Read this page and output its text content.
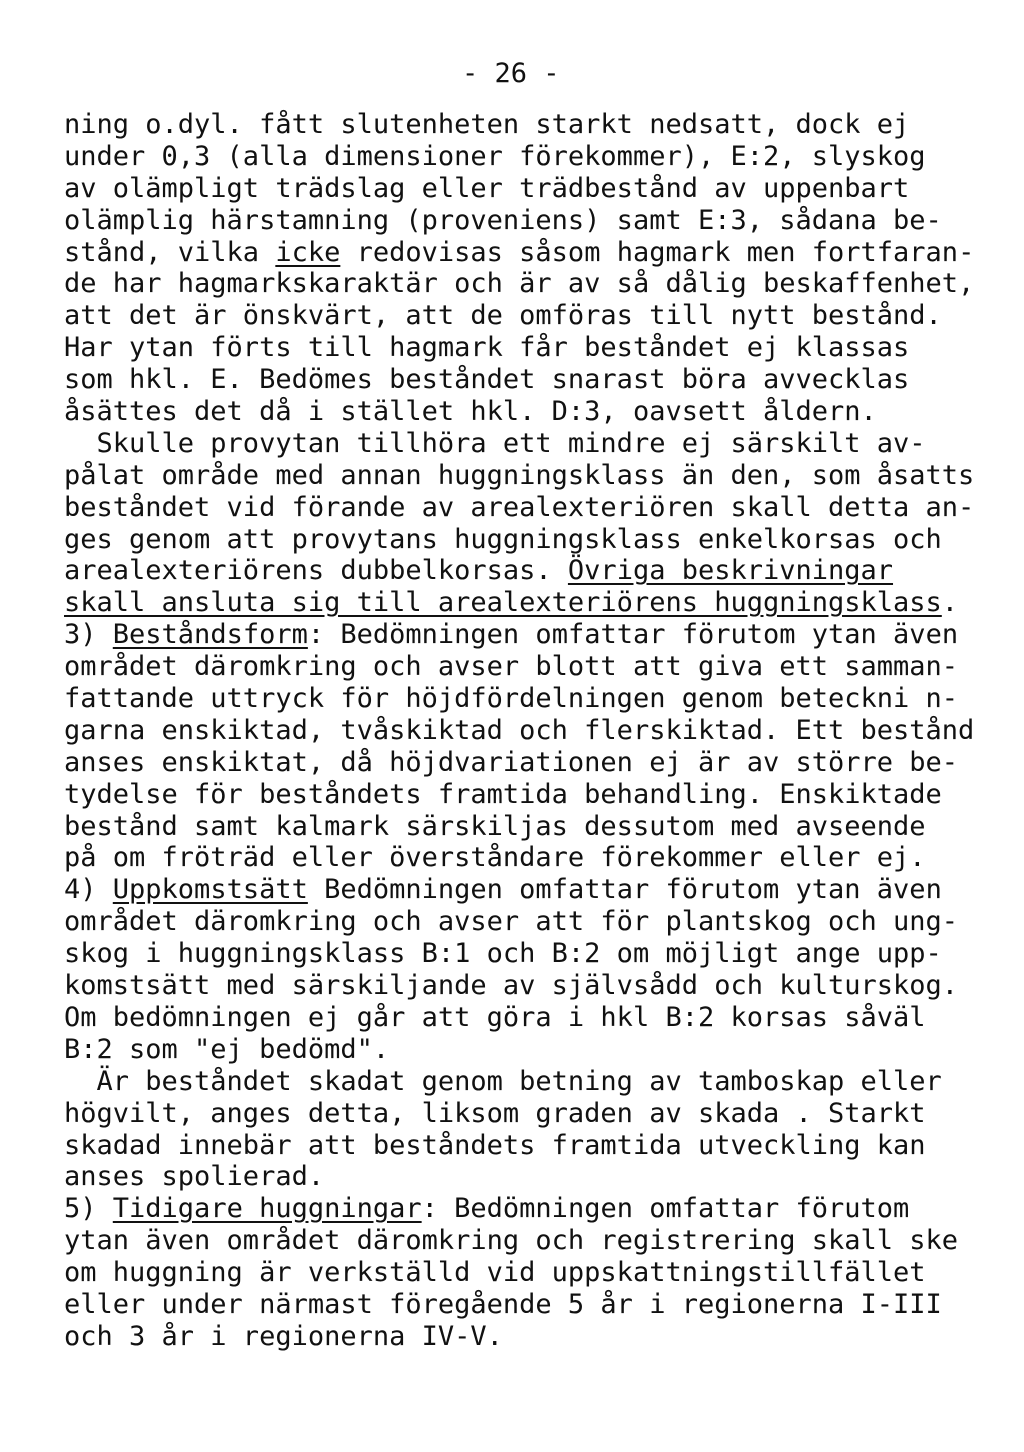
- 26 -
ning o.dyl. fått slutenheten starkt nedsatt, dock ej
under 0,3 (alla dimensioner förekommer), E:2, slyskog
av olämpligt trädslag eller trädbestånd av uppenbart
olämplig härstamning (proveniens) samt E:3, sådana be-
stånd, vilka icke redovisas såsom hagmark men fortfaran-
de har hagmarkskaraktär och är av så dålig beskaffenhet,
att det är önskvärt, att de omföras till nytt bestånd.
Har ytan förts till hagmark får beståndet ej klassas
som hkl. E. Bedömes beståndet snarast böra avvecklas
åsättes det då i stället hkl. D:3, oavsett åldern.
Skulle provytan tillhöra ett mindre ej särskilt av-
pålat område med annan huggningsklass än den, som åsatts
beståndet vid förande av arealexteriören skall detta an-
ges genom att provytans huggningsklass enkelkorsas och
arealexteriörens dubbelkorsas. Övriga beskrivningar
skall ansluta sig till arealexteriörens huggningsklass.
3) Beståndsform: Bedömningen omfattar förutom ytan även
området däromkring och avser blott att giva ett samman-
fattande uttryck för höjdfördelningen genom beteckni n-
garna enskiktad, tvåskiktad och flerskiktad. Ett bestånd
anses enskiktat, då höjdvariationen ej är av större be-
tydelse för beståndets framtida behandling. Enskiktade
bestånd samt kalmark särskiljas dessutom med avseende
på om fröträd eller överståndare förekommer eller ej.
4) Uppkomstsätt Bedömningen omfattar förutom ytan även
området däromkring och avser att för plantskog och ung-
skog i huggningsklass B:1 och B:2 om möjligt ange upp-
komstsätt med särskiljande av självsådd och kulturskog.
Om bedömningen ej går att göra i hkl B:2 korsas såväl
B:2 som "ej bedömd".
Är beståndet skadat genom betning av tamboskap eller
högvilt, anges detta, liksom graden av skada . Starkt
skadad innebär att beståndets framtida utveckling kan
anses spolierad.
5) Tidigare huggningar: Bedömningen omfattar förutom
ytan även området däromkring och registrering skall ske
om huggning är verkställd vid uppskattningstillfället
eller under närmast föregående 5 år i regionerna I-III
och 3 år i regionerna IV-V.
